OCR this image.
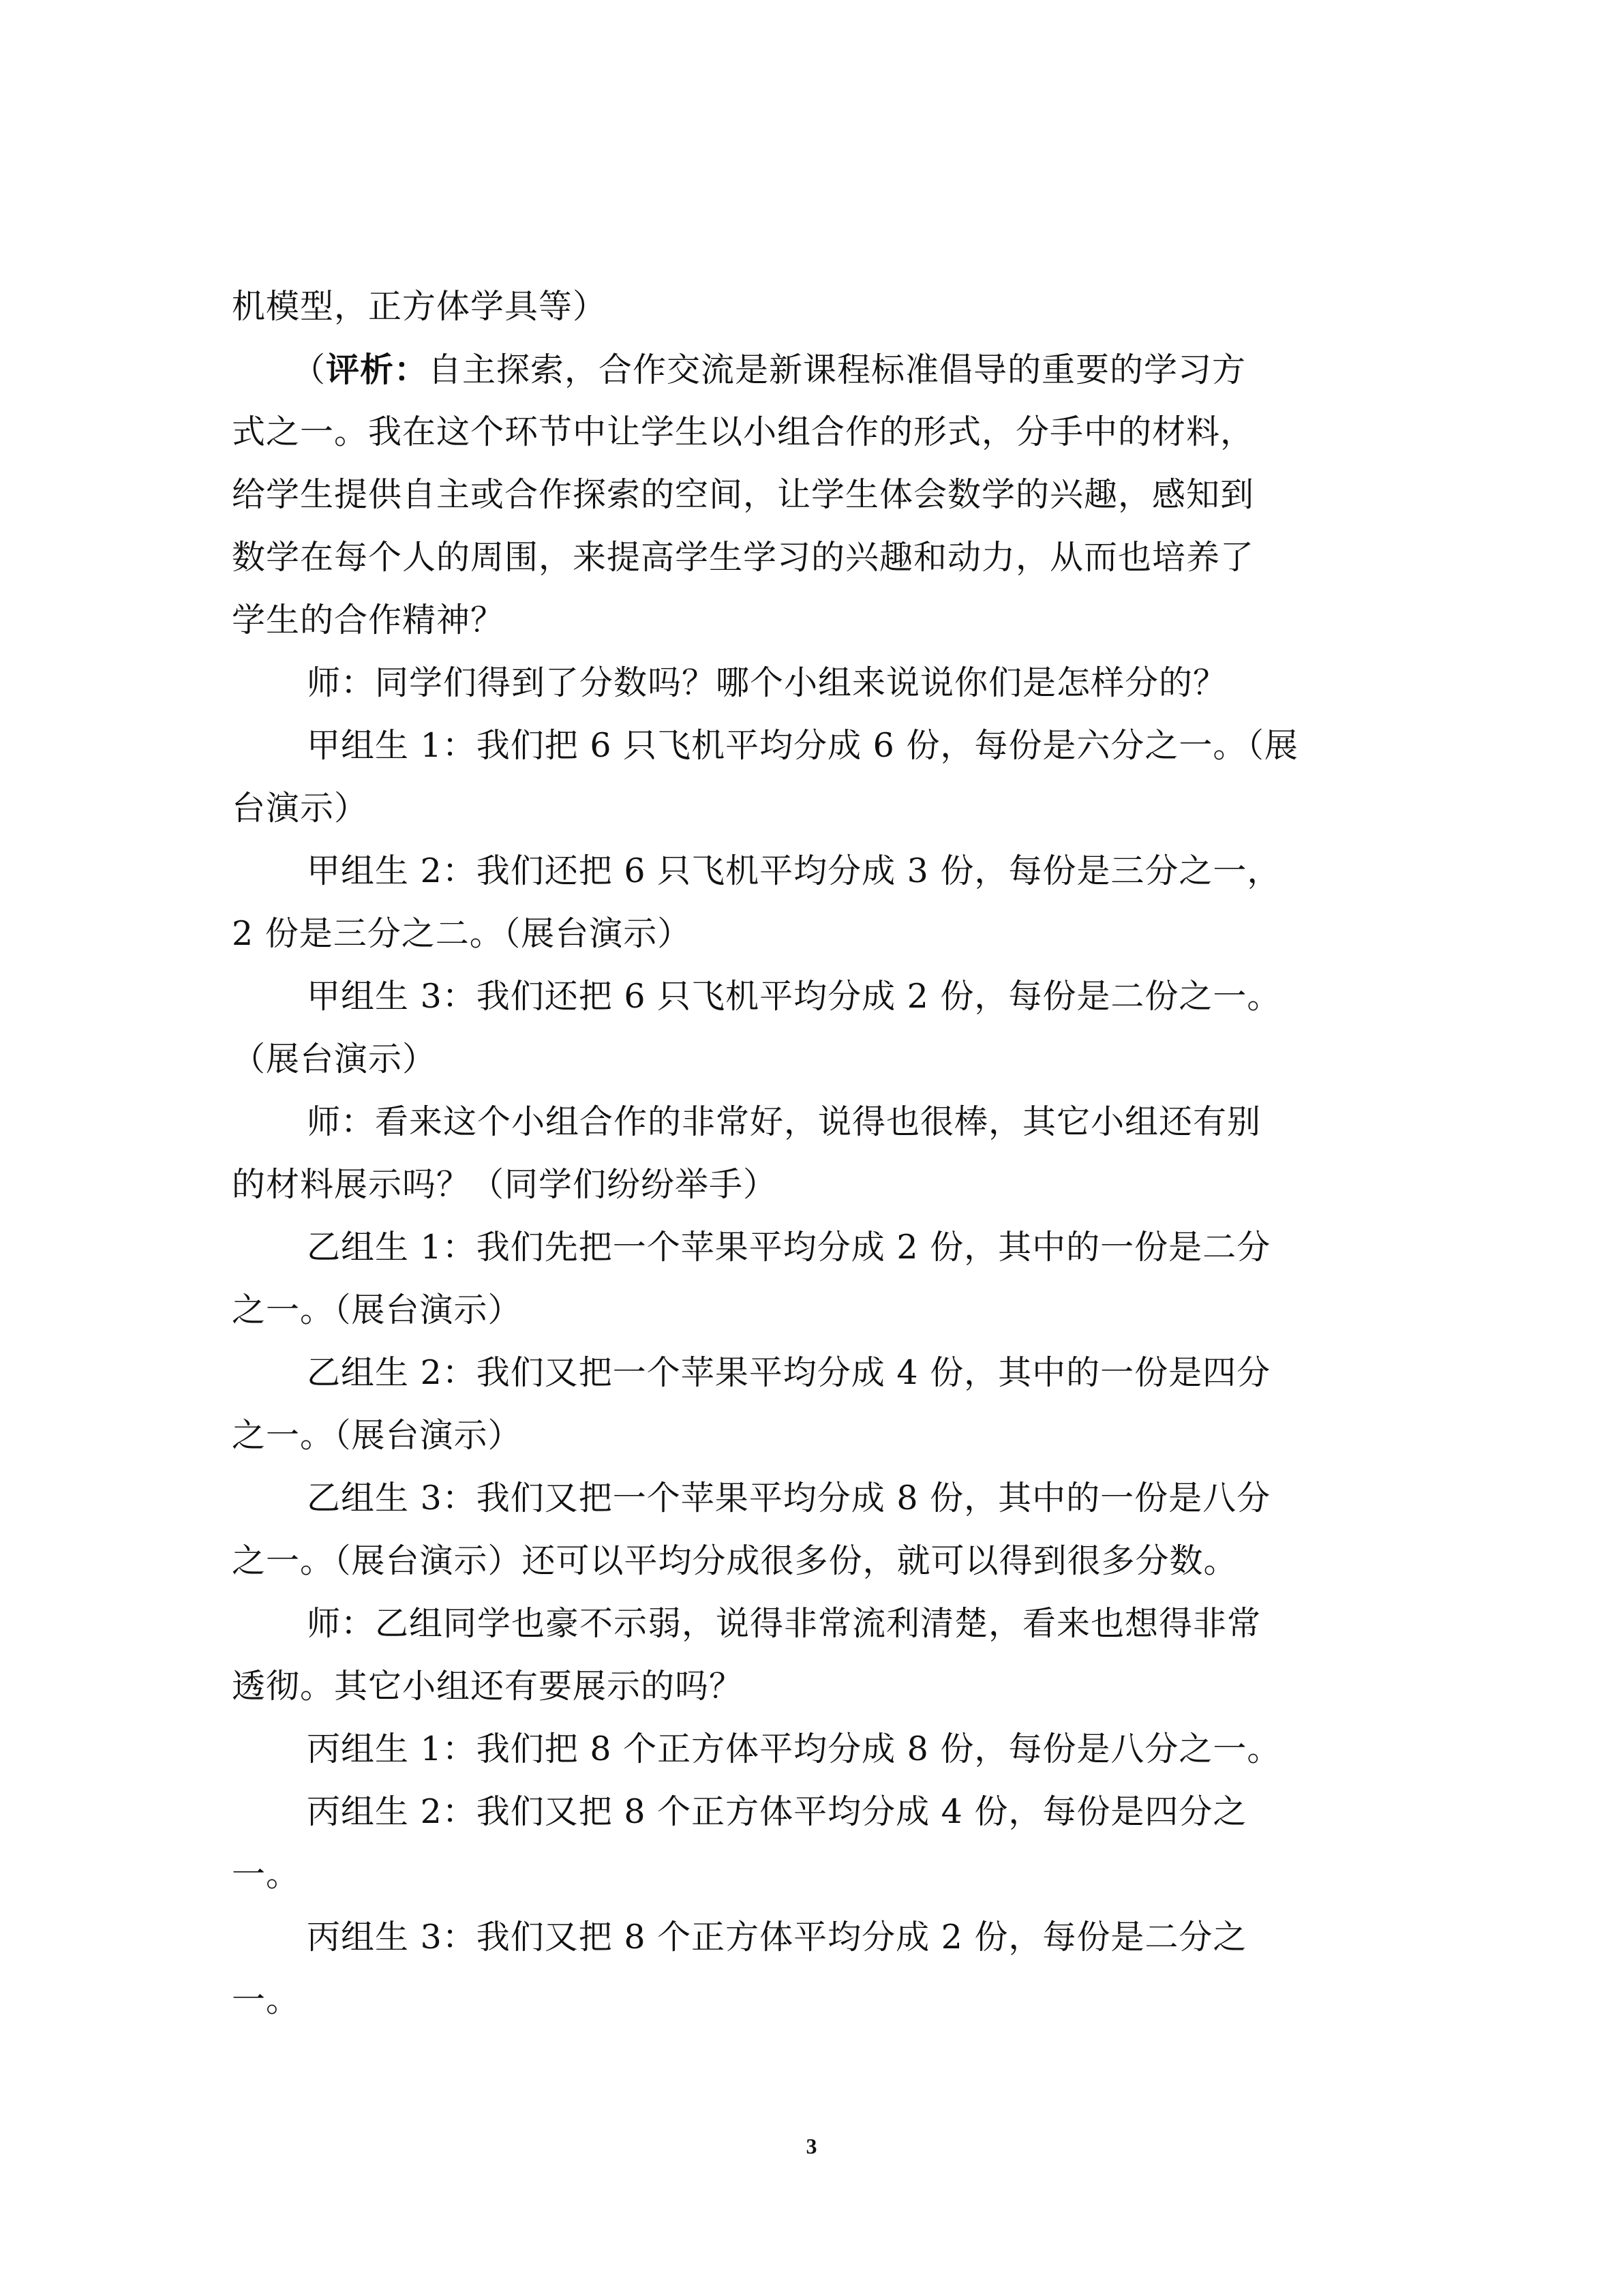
机模型，正方体学具等）
（评析：自主探索，合作交流是新课程标准倡导的重要的学习方
式之一。我在这个环节中让学生以小组合作的形式，分手中的材料，
给学生提供自主或合作探索的空间，让学生体会数学的兴趣，感知到
数学在每个人的周围，来提高学生学习的兴趣和动力，从而也培养了
学生的合作精神？
师：同学们得到了分数吗？哪个小组来说说你们是怎样分的？
甲组生 1：我们把 6 只飞机平均分成 6 份，每份是六分之一。（展
台演示）
甲组生 2：我们还把 6 只飞机平均分成 3 份，每份是三分之一，
2 份是三分之二。（展台演示）
甲组生 3：我们还把 6 只飞机平均分成 2 份，每份是二份之一。
（展台演示）
师：看来这个小组合作的非常好，说得也很棒，其它小组还有别
的材料展示吗？（同学们纷纷举手）
乙组生 1：我们先把一个苹果平均分成 2 份，其中的一份是二分
之一。（展台演示）
乙组生 2：我们又把一个苹果平均分成 4 份，其中的一份是四分
之一。（展台演示）
乙组生 3：我们又把一个苹果平均分成 8 份，其中的一份是八分
之一。（展台演示）还可以平均分成很多份，就可以得到很多分数。
师：乙组同学也豪不示弱，说得非常流利清楚，看来也想得非常
透彻。其它小组还有要展示的吗？
丙组生 1：我们把 8 个正方体平均分成 8 份，每份是八分之一。
丙组生 2：我们又把 8 个正方体平均分成 4 份，每份是四分之
一。
丙组生 3：我们又把 8 个正方体平均分成 2 份，每份是二分之
一。
3
